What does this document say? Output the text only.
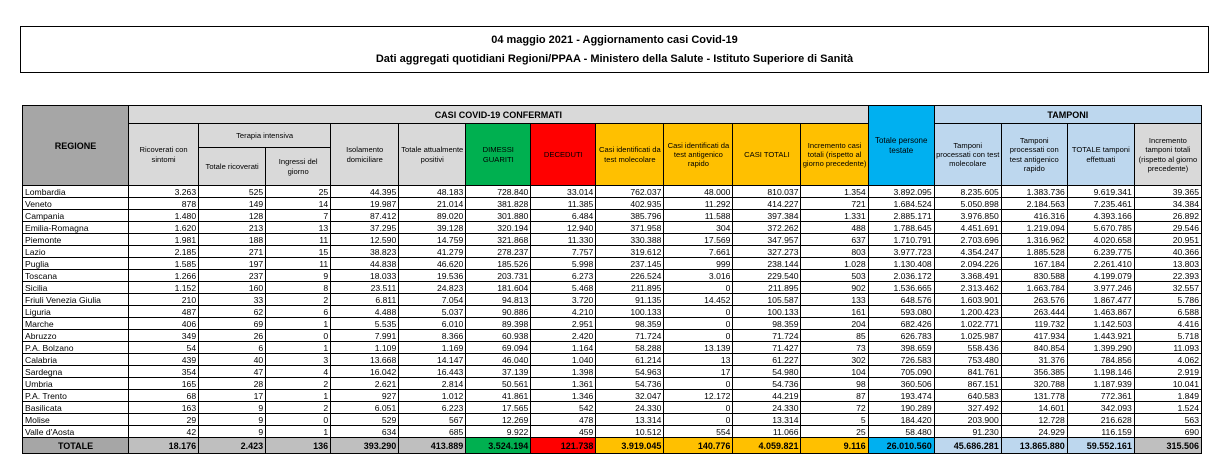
04 maggio 2021 - Aggiornamento casi Covid-19
Dati aggregati quotidiani Regioni/PPAA - Ministero della Salute - Istituto Superiore di Sanità
REGIONE	CASI COVID-19 CONFERMATI											Totale persone testate	TAMPONI			
	Ricoverati con sintomi	Terapia intensiva		Isolamento domiciliare	Totale attualmente positivi	DIMESSI GUARITI	DECEDUTI	Casi identificati da test molecolare	Casi identificati da test antigenico rapido	CASI TOTALI	Incremento casi totali (rispetto al giorno precedente)		Tamponi processati con test molecolare	Tamponi processati con test antigenico rapido	TOTALE tamponi effettuati	Incremento tamponi totali (rispetto al giorno precedente)
		Totale ricoverati	Ingressi del giorno													
Lombardia	3.263	525	25	44.395	48.183	728.840	33.014	762.037	48.000	810.037	1.354	3.892.095	8.235.605	1.383.736	9.619.341	39.365
Veneto	878	149	14	19.987	21.014	381.828	11.385	402.935	11.292	414.227	721	1.684.524	5.050.898	2.184.563	7.235.461	34.384
Campania	1.480	128	7	87.412	89.020	301.880	6.484	385.796	11.588	397.384	1.331	2.885.171	3.976.850	416.316	4.393.166	26.892
Emilia-Romagna	1.620	213	13	37.295	39.128	320.194	12.940	371.958	304	372.262	488	1.788.645	4.451.691	1.219.094	5.670.785	29.546
Piemonte	1.981	188	11	12.590	14.759	321.868	11.330	330.388	17.569	347.957	637	1.710.791	2.703.696	1.316.962	4.020.658	20.951
Lazio	2.185	271	15	38.823	41.279	278.237	7.757	319.612	7.661	327.273	803	3.977.723	4.354.247	1.885.528	6.239.775	40.366
Puglia	1.585	197	11	44.838	46.620	185.526	5.998	237.145	999	238.144	1.028	1.130.408	2.094.226	167.184	2.261.410	13.803
Toscana	1.266	237	9	18.033	19.536	203.731	6.273	226.524	3.016	229.540	503	2.036.172	3.368.491	830.588	4.199.079	22.393
Sicilia	1.152	160	8	23.511	24.823	181.604	5.468	211.895	0	211.895	902	1.536.665	2.313.462	1.663.784	3.977.246	32.557
Friuli Venezia Giulia	210	33	2	6.811	7.054	94.813	3.720	91.135	14.452	105.587	133	648.576	1.603.901	263.576	1.867.477	5.786
Liguria	487	62	6	4.488	5.037	90.886	4.210	100.133	0	100.133	161	593.080	1.200.423	263.444	1.463.867	6.588
Marche	406	69	1	5.535	6.010	89.398	2.951	98.359	0	98.359	204	682.426	1.022.771	119.732	1.142.503	4.416
Abruzzo	349	26	0	7.991	8.366	60.938	2.420	71.724	0	71.724	85	626.783	1.025.987	417.934	1.443.921	5.718
P.A. Bolzano	54	6	1	1.109	1.169	69.094	1.164	58.288	13.139	71.427	73	398.659	558.436	840.854	1.399.290	11.093
Calabria	439	40	3	13.668	14.147	46.040	1.040	61.214	13	61.227	302	726.583	753.480	31.376	784.856	4.062
Sardegna	354	47	4	16.042	16.443	37.139	1.398	54.963	17	54.980	104	705.090	841.761	356.385	1.198.146	2.919
Umbria	165	28	2	2.621	2.814	50.561	1.361	54.736	0	54.736	98	360.506	867.151	320.788	1.187.939	10.041
P.A. Trento	68	17	1	927	1.012	41.861	1.346	32.047	12.172	44.219	87	193.474	640.583	131.778	772.361	1.849
Basilicata	163	9	2	6.051	6.223	17.565	542	24.330	0	24.330	72	190.289	327.492	14.601	342.093	1.524
Molise	29	9	0	529	567	12.269	478	13.314	0	13.314	5	184.420	203.900	12.728	216.628	563
Valle d'Aosta	42	9	1	634	685	9.922	459	10.512	554	11.066	25	58.480	91.230	24.929	116.159	690
TOTALE	18.176	2.423	136	393.290	413.889	3.524.194	121.738	3.919.045	140.776	4.059.821	9.116	26.010.560	45.686.281	13.865.880	59.552.161	315.506
